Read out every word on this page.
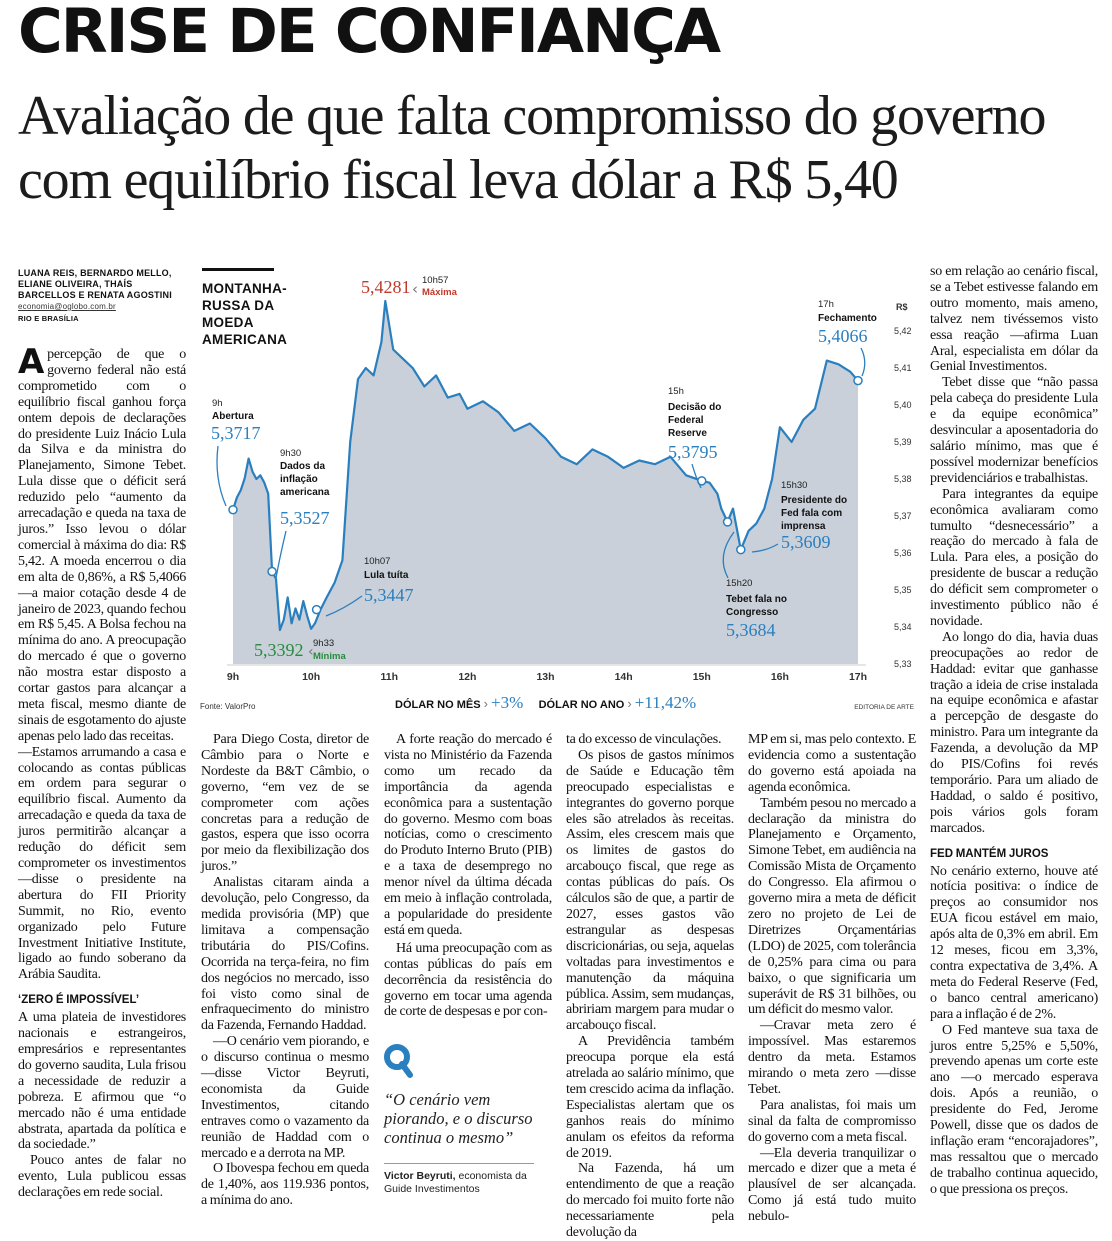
CRISE DE CONFIANÇA
Avaliação de que falta compromisso do governo com equilíbrio fiscal leva dólar a R$ 5,40
LUANA REIS, BERNARDO MELLO, ELIANE OLIVEIRA, THAÍS BARCELLOS E RENATA AGOSTINI
economia@oglobo.com.br
RIO E BRASÍLIA

Apercepção de que o governo federal não está comprometido com o equilíbrio fiscal ganhou força ontem depois de declarações do presidente Luiz Inácio Lula da Silva e da ministra do Planejamento, Simone Tebet. Lula disse que o déficit será reduzido pelo “aumento da arrecadação e queda na taxa de juros.” Isso levou o dólar comercial à máxima do dia: R$ 5,42. A moeda encerrou o dia em alta de 0,86%, a R$ 5,4066 —a maior cotação desde 4 de janeiro de 2023, quando fechou em R$ 5,45. A Bolsa fechou na mínima do ano. A preocupação do mercado é que o governo não mostra estar disposto a cortar gastos para alcançar a meta fiscal, mesmo diante de sinais de esgotamento do ajuste apenas pelo lado das receitas.

—Estamos arrumando a casa e colocando as contas públicas em ordem para segurar o equilíbrio fiscal. Aumento da arrecadação e queda da taxa de juros permitirão alcançar a redução do déficit sem comprometer os investimentos —disse o presidente na abertura do FII Priority Summit, no Rio, evento organizado pelo Future Investment Initiative Institute, ligado ao fundo soberano da Arábia Saudita.

‘ZERO É IMPOSSÍVEL’

A uma plateia de investidores nacionais e estrangeiros, empresários e representantes do governo saudita, Lula frisou a necessidade de reduzir a pobreza. E afirmou que “o mercado não é uma entidade abstrata, apartada da política e da sociedade.”

Pouco antes de falar no evento, Lula publicou essas declarações em rede social.

MONTANHA-RUSSA DA MOEDA AMERICANA
5,33
5,34
5,35
5,36
5,37
5,38
5,39
5,40
5,41
5,42
R$
9h	10h	11h	12h	13h	14h	15h	16h	17h
9h
Abertura
5,3717
9h30
Dados da
inflação
americana
5,3527
5,3392 9h33
Mínima
‹
10h07
Lula tuíta
5,3447
5,4281 ‹ 10h57
Máxima
15h
Decisão do
Federal
Reserve
5,3795
15h30
Presidente do
Fed fala com
imprensa
5,3609
15h20
Tebet fala no
Congresso
5,3684
17h
Fechamento
5,4066
Fonte: ValorPro	EDITORIA DE ARTE
DÓLAR NO MÊS › +3% DÓLAR NO ANO › +11,42%

Para Diego Costa, diretor de Câmbio para o Norte e Nordeste da B&T Câmbio, o governo, “em vez de se comprometer com ações concretas para a redução de gastos, espera que isso ocorra por meio da flexibilização dos juros.”

Analistas citaram ainda a devolução, pelo Congresso, da medida provisória (MP) que limitava a compensação tributária do PIS/Cofins. Ocorrida na terça-feira, no fim dos negócios no mercado, isso foi visto como sinal de enfraquecimento do ministro da Fazenda, Fernando Haddad.

—O cenário vem piorando, e o discurso continua o mesmo —disse Victor Beyruti, economista da Guide Investimentos, citando entraves como o vazamento da reunião de Haddad com o mercado e a derrota na MP.

O Ibovespa fechou em queda de 1,40%, aos 119.936 pontos, a mínima do ano.

A forte reação do mercado é vista no Ministério da Fazenda como um recado da importância da agenda econômica para a sustentação do governo. Mesmo com boas notícias, como o crescimento do Produto Interno Bruto (PIB) e a taxa de desemprego no menor nível da última década em meio à inflação controlada, a popularidade do presidente está em queda.

Há uma preocupação com as contas públicas do país em decorrência da resistência do governo em tocar uma agenda de corte de despesas e por con-

“O cenário vem piorando, e o discurso continua o mesmo”
Victor Beyruti, economista da Guide Investimentos

ta do excesso de vinculações.

Os pisos de gastos mínimos de Saúde e Educação têm preocupado especialistas e integrantes do governo porque eles são atrelados às receitas. Assim, eles crescem mais que os limites de gastos do arcabouço fiscal, que rege as contas públicas do país. Os cálculos são de que, a partir de 2027, esses gastos vão estrangular as despesas discricionárias, ou seja, aquelas voltadas para investimentos e manutenção da máquina pública. Assim, sem mudanças, abririam margem para mudar o arcabouço fiscal.

A Previdência também preocupa porque ela está atrelada ao salário mínimo, que tem crescido acima da inflação. Especialistas alertam que os ganhos reais do mínimo anulam os efeitos da reforma de 2019.

Na Fazenda, há um entendimento de que a reação do mercado foi muito forte não necessariamente pela devolução da

MP em si, mas pelo contexto. E evidencia como a sustentação do governo está apoiada na agenda econômica.

Também pesou no mercado a declaração da ministra do Planejamento e Orçamento, Simone Tebet, em audiência na Comissão Mista de Orçamento do Congresso. Ela afirmou o governo mira a meta de déficit zero no projeto de Lei de Diretrizes Orçamentárias (LDO) de 2025, com tolerância de 0,25% para cima ou para baixo, o que significaria um superávit de R$ 31 bilhões, ou um déficit do mesmo valor.

—Cravar meta zero é impossível. Mas estaremos dentro da meta. Estamos mirando o meta zero —disse Tebet.

Para analistas, foi mais um sinal da falta de compromisso do governo com a meta fiscal.

—Ela deveria tranquilizar o mercado e dizer que a meta é plausível de ser alcançada. Como já está tudo muito nebulo-

so em relação ao cenário fiscal, se a Tebet estivesse falando em outro momento, mais ameno, talvez nem tivéssemos visto essa reação —afirma Luan Aral, especialista em dólar da Genial Investimentos.

Tebet disse que “não passa pela cabeça do presidente Lula e da equipe econômica” desvincular a aposentadoria do salário mínimo, mas que é possível modernizar benefícios previdenciários e trabalhistas.

Para integrantes da equipe econômica avaliaram como tumulto “desnecessário” a reação do mercado à fala de Lula. Para eles, a posição do presidente de buscar a redução do déficit sem comprometer o investimento público não é novidade.

Ao longo do dia, havia duas preocupações ao redor de Haddad: evitar que ganhasse tração a ideia de crise instalada na equipe econômica e afastar a percepção de desgaste do ministro. Para um integrante da Fazenda, a devolução da MP do PIS/Cofins foi revés temporário. Para um aliado de Haddad, o saldo é positivo, pois vários gols foram marcados.

FED MANTÉM JUROS

No cenário externo, houve até notícia positiva: o índice de preços ao consumidor nos EUA ficou estável em maio, após alta de 0,3% em abril. Em 12 meses, ficou em 3,3%, contra expectativa de 3,4%. A meta do Federal Reserve (Fed, o banco central americano) para a inflação é de 2%.

O Fed manteve sua taxa de juros entre 5,25% e 5,50%, prevendo apenas um corte este ano —o mercado esperava dois. Após a reunião, o presidente do Fed, Jerome Powell, disse que os dados de inflação eram “encorajadores”, mas ressaltou que o mercado de trabalho continua aquecido, o que pressiona os preços.
